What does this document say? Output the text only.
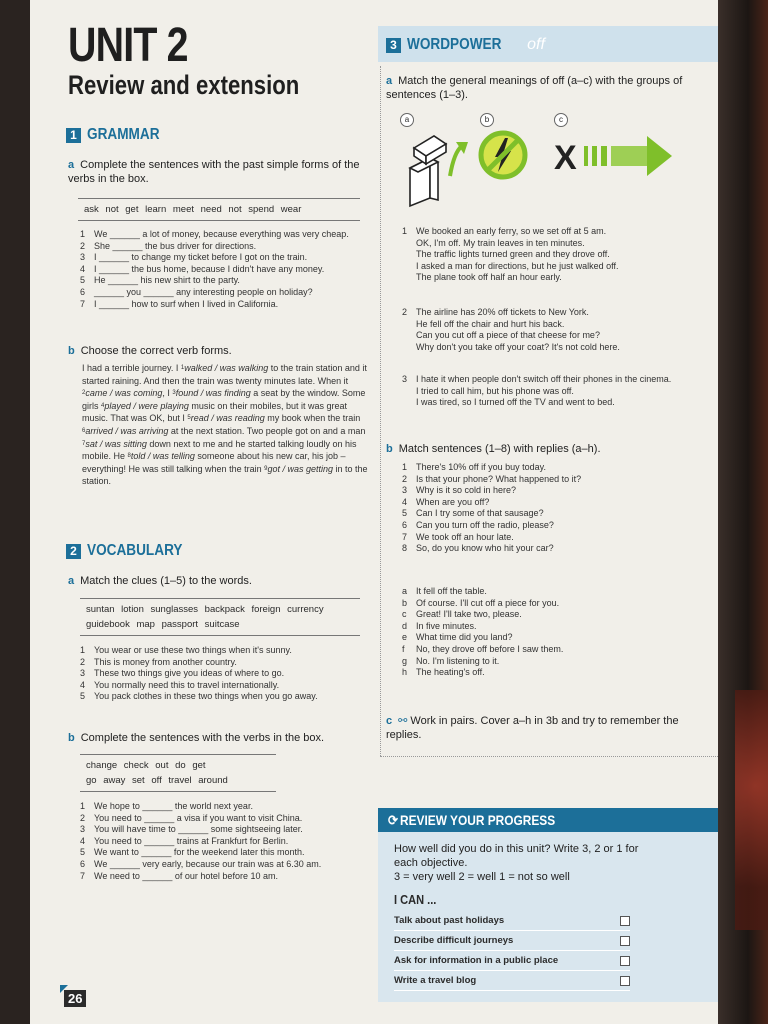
UNIT 2
Review and extension
1 GRAMMAR
a Complete the sentences with the past simple forms of the verbs in the box.
ask not get learn meet need not spend wear
1 We ______ a lot of money, because everything was very cheap.
2 She ______ the bus driver for directions.
3 I ______ to change my ticket before I got on the train.
4 I ______ the bus home, because I didn't have any money.
5 He ______ his new shirt to the party.
6 ______ you ______ any interesting people on holiday?
7 I ______ how to surf when I lived in California.
b Choose the correct verb forms.
I had a terrible journey. I $^1$walked / was walking to the train station and it started raining. And then the train was twenty minutes late. When it $^2$came / was coming, I $^3$found / was finding a seat by the window. Some girls $^4$played / were playing music on their mobiles, but it was great music. That was OK, but I $^5$read / was reading my book when the train $^6$arrived / was arriving at the next station. Two people got on and a man $^7$sat / was sitting down next to me and he started talking loudly on his mobile. He $^8$told / was telling someone about his new car, his job – everything! He was still talking when the train $^9$got / was getting in to the station.
2 VOCABULARY
a Match the clues (1–5) to the words.
suntan lotion sunglasses backpack foreign currency
guidebook map passport suitcase
1 You wear or use these two things when it's sunny.
2 This is money from another country.
3 These two things give you ideas of where to go.
4 You normally need this to travel internationally.
5 You pack clothes in these two things when you go away.
b Complete the sentences with the verbs in the box.
change check out do get
go away set off travel around
1 We hope to ______ the world next year.
2 You need to ______ a visa if you want to visit China.
3 You will have time to ______ some sightseeing later.
4 You need to ______ trains at Frankfurt for Berlin.
5 We want to ______ for the weekend later this month.
6 We ______ very early, because our train was at 6.30 am.
7 We need to ______ of our hotel before 10 am.
3 WORDPOWER off
a Match the general meanings of off (a–c) with the groups of sentences (1–3).
a	b	c
X
1 We booked an early ferry, so we set off at 5 am.
OK, I'm off. My train leaves in ten minutes.
The traffic lights turned green and they drove off.
I asked a man for directions, but he just walked off.
The plane took off half an hour early.
2 The airline has 20% off tickets to New York.
He fell off the chair and hurt his back.
Can you cut off a piece of that cheese for me?
Why don't you take off your coat? It's not cold here.
3 I hate it when people don't switch off their phones in the cinema.
I tried to call him, but his phone was off.
I was tired, so I turned off the TV and went to bed.
b Match sentences (1–8) with replies (a–h).
1 There's 10% off if you buy today.
2 Is that your phone? What happened to it?
3 Why is it so cold in here?
4 When are you off?
5 Can I try some of that sausage?
6 Can you turn off the radio, please?
7 We took off an hour late.
8 So, do you know who hit your car?
a It fell off the table.
b Of course. I'll cut off a piece for you.
c	Great! I'll take two, please.
d In five minutes.
e What time did you land?
f	No, they drove off before I saw them.
g No. I'm listening to it.
h The heating's off.
c ⚯ Work in pairs. Cover a–h in 3b and try to remember the replies.
⟳REVIEW YOUR PROGRESS
How well did you do in this unit? Write 3, 2 or 1 for each objective.
3 = very well 2 = well 1 = not so well
I CAN ...
Talk about past holidays
Describe difficult journeys
Ask for information in a public place
Write a travel blog
26
